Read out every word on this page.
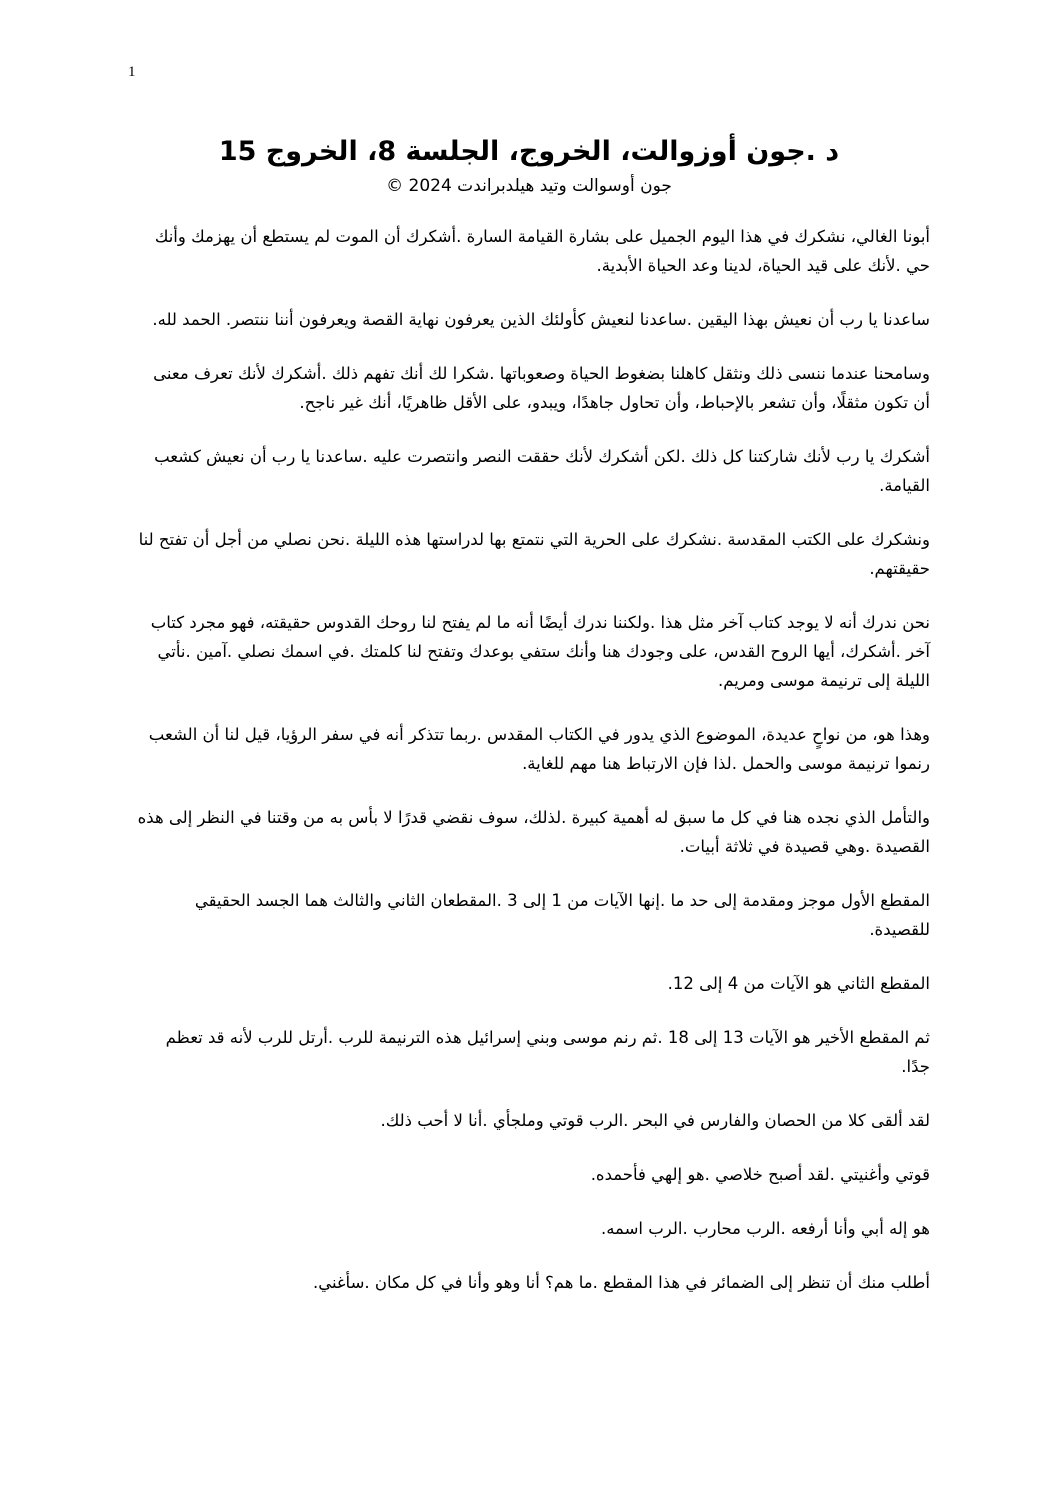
1
د .جون أوزوالت، الخروج، الجلسة 8، الخروج 15
جون أوسوالت وتيد هيلدبراندت 2024 ©

أبونا الغالي، نشكرك في هذا اليوم الجميل على بشارة القيامة السارة .أشكرك أن الموت لم يستطع أن يهزمك وأنك حي .لأنك على قيد الحياة، لدينا وعد الحياة الأبدية.

ساعدنا يا رب أن نعيش بهذا اليقين .ساعدنا لنعيش كأولئك الذين يعرفون نهاية القصة ويعرفون أننا ننتصر. الحمد لله.

وسامحنا عندما ننسى ذلك ونثقل كاهلنا بضغوط الحياة وصعوباتها .شكرا لك أنك تفهم ذلك .أشكرك لأنك تعرف معنى أن تكون مثقلًا، وأن تشعر بالإحباط، وأن تحاول جاهدًا، ويبدو، على الأقل ظاهريًا، أنك غير ناجح.

أشكرك يا رب لأنك شاركتنا كل ذلك .لكن أشكرك لأنك حققت النصر وانتصرت عليه .ساعدنا يا رب أن نعيش كشعب القيامة.

ونشكرك على الكتب المقدسة .نشكرك على الحرية التي نتمتع بها لدراستها هذه الليلة .نحن نصلي من أجل أن تفتح لنا حقيقتهم.

نحن ندرك أنه لا يوجد كتاب آخر مثل هذا .ولكننا ندرك أيضًا أنه ما لم يفتح لنا روحك القدوس حقيقته، فهو مجرد كتاب آخر .أشكرك، أيها الروح القدس، على وجودك هنا وأنك ستفي بوعدك وتفتح لنا كلمتك .في اسمك نصلي .آمين .نأتي الليلة إلى ترنيمة موسى ومريم.

وهذا هو، من نواحٍ عديدة، الموضوع الذي يدور في الكتاب المقدس .ربما تتذكر أنه في سفر الرؤيا، قيل لنا أن الشعب رنموا ترنيمة موسى والحمل .لذا فإن الارتباط هنا مهم للغاية.

والتأمل الذي نجده هنا في كل ما سبق له أهمية كبيرة .لذلك، سوف نقضي قدرًا لا بأس به من وقتنا في النظر إلى هذه القصيدة .وهي قصيدة في ثلاثة أبيات.

المقطع الأول موجز ومقدمة إلى حد ما .إنها الآيات من 1 إلى 3 .المقطعان الثاني والثالث هما الجسد الحقيقي للقصيدة.

المقطع الثاني هو الآيات من 4 إلى 12.

ثم المقطع الأخير هو الآيات 13 إلى 18 .ثم رنم موسى وبني إسرائيل هذه الترنيمة للرب .أرتل للرب لأنه قد تعظم جدًا.

لقد ألقى كلا من الحصان والفارس في البحر .الرب قوتي وملجأي .أنا لا أحب ذلك.

قوتي وأغنيتي .لقد أصبح خلاصي .هو إلهي فأحمده.

هو إله أبي وأنا أرفعه .الرب محارب .الرب اسمه.

أطلب منك أن تنظر إلى الضمائر في هذا المقطع .ما هم؟ أنا وهو وأنا في كل مكان .سأغني.
